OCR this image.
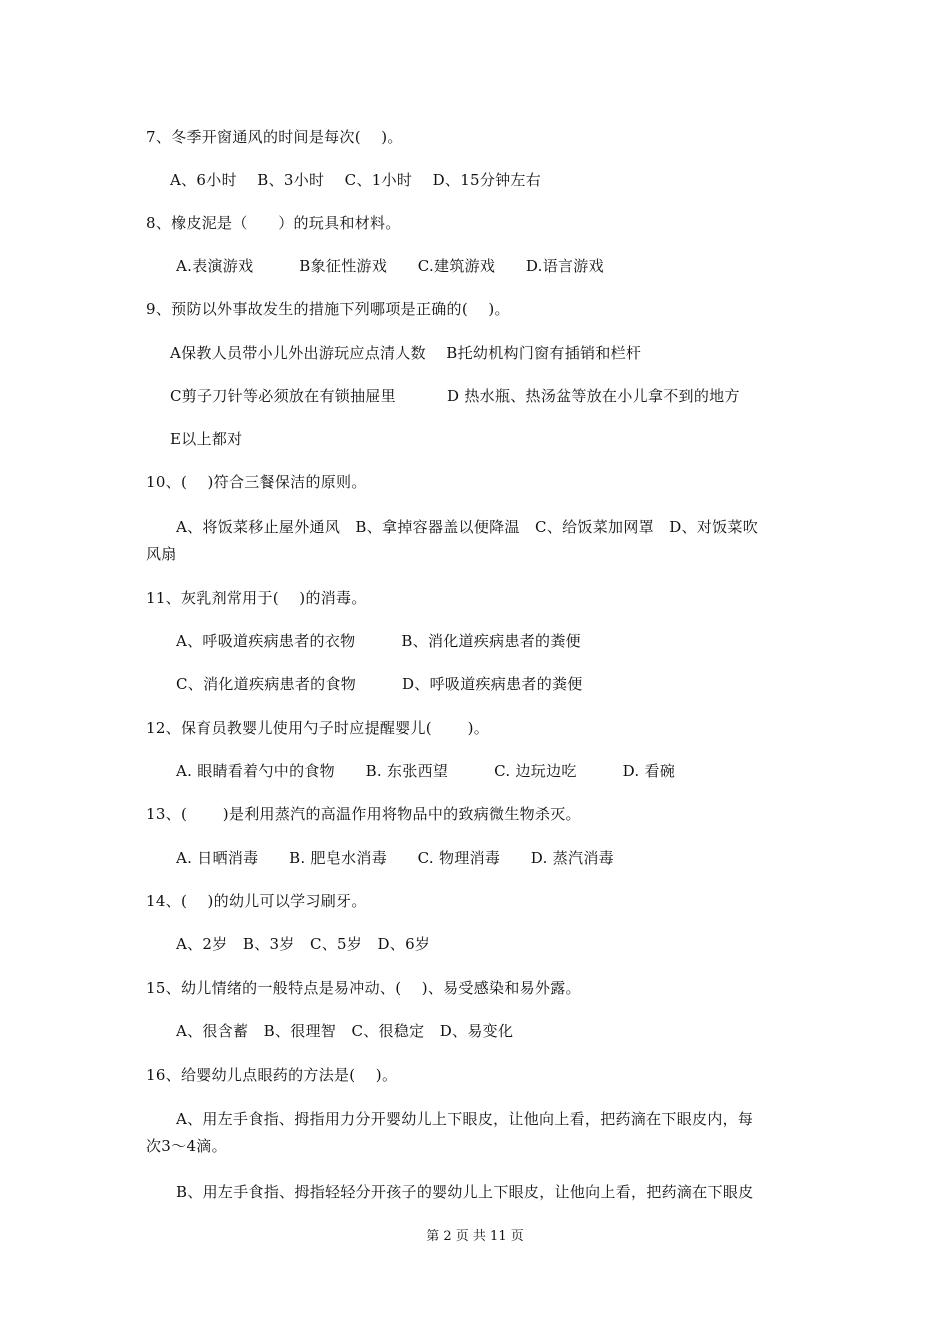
7、冬季开窗通风的时间是每次(　 )。
A、6小时　 B、3小时　 C、1小时　 D、15分钟左右
8、橡皮泥是（　　）的玩具和材料。
A.表演游戏　　　B象征性游戏　　C.建筑游戏　　D.语言游戏
9、预防以外事故发生的措施下列哪项是正确的(　 )。
A保教人员带小儿外出游玩应点清人数　 B托幼机构门窗有插销和栏杆
C剪子刀针等必须放在有锁抽屉里　　　 D 热水瓶、热汤盆等放在小儿拿不到的地方
E以上都对
10、(　 )符合三餐保洁的原则。
A、将饭菜移止屋外通风　B、拿掉容器盖以便降温　C、给饭菜加网罩　D、对饭菜吹
风扇
11、灰乳剂常用于(　 )的消毒。
A、呼吸道疾病患者的衣物　　　B、消化道疾病患者的粪便
C、消化道疾病患者的食物　　　D、呼吸道疾病患者的粪便
12、保育员教婴儿使用勺子时应提醒婴儿(　 　)。
A. 眼睛看着勺中的食物　　B. 东张西望　　　C. 边玩边吃　　　D. 看碗
13、(　 　)是利用蒸汽的高温作用将物品中的致病微生物杀灭。
A. 日晒消毒　　B. 肥皂水消毒　　C. 物理消毒　　D. 蒸汽消毒
14、(　 )的幼儿可以学习刷牙。
A、2岁　B、3岁　C、5岁　D、6岁
15、幼儿情绪的一般特点是易冲动、(　 )、易受感染和易外露。
A、很含蓄　B、很理智　C、很稳定　D、易变化
16、给婴幼儿点眼药的方法是(　 )。
A、用左手食指、拇指用力分开婴幼儿上下眼皮，让他向上看，把药滴在下眼皮内，每
次3～4滴。
B、用左手食指、拇指轻轻分开孩子的婴幼儿上下眼皮，让他向上看，把药滴在下眼皮
第 2 页 共 11 页
